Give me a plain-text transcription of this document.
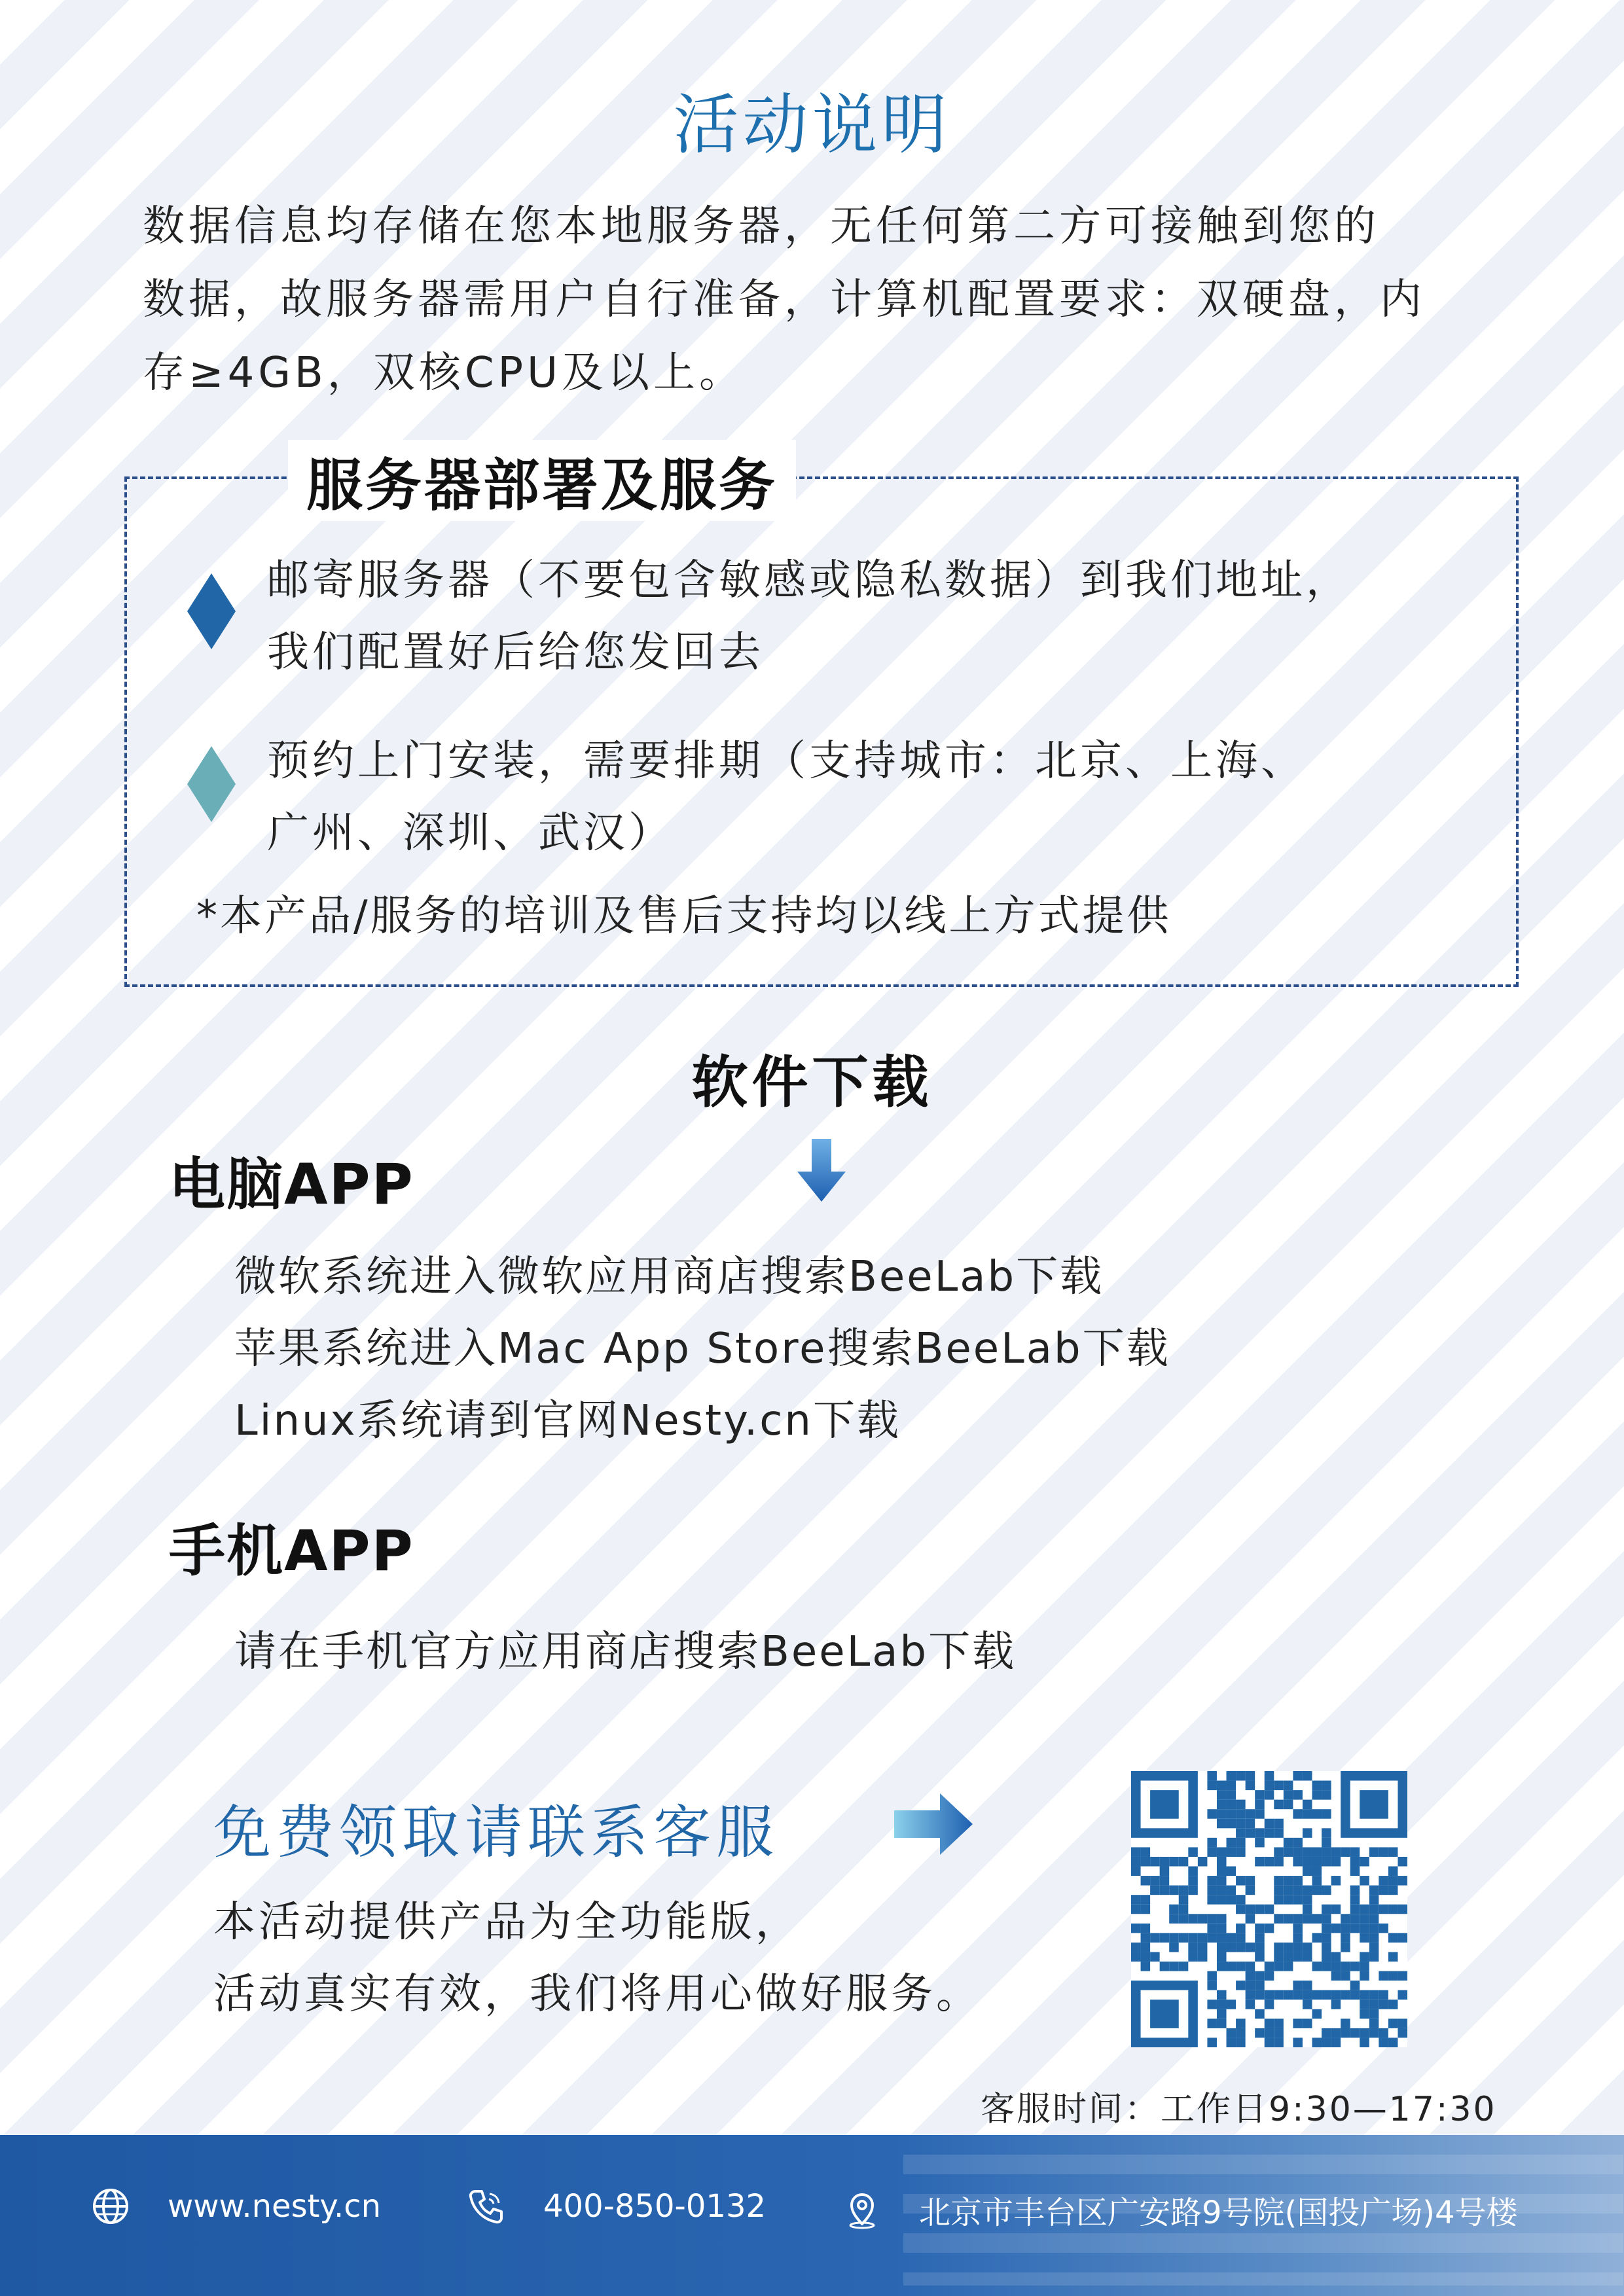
活动说明

数据信息均存储在您本地服务器，无任何第二方可接触到您的

数据，故服务器需用户自行准备，计算机配置要求：双硬盘，内

存≥4GB，双核CPU及以上。

服务器部署及服务

邮寄服务器（不要包含敏感或隐私数据）到我们地址，

我们配置好后给您发回去

预约上门安装，需要排期（支持城市：北京、上海、

广州、深圳、武汉）

*本产品/服务的培训及售后支持均以线上方式提供
软件下载
电脑APP

微软系统进入微软应用商店搜索BeeLab下载

苹果系统进入Mac App Store搜索BeeLab下载

Linux系统请到官网Nesty.cn下载

手机APP
请在手机官方应用商店搜索BeeLab下载
免费领取请联系客服

本活动提供产品为全功能版，

活动真实有效，我们将用心做好服务。

客服时间：工作日9:30—17:30
www.nesty.cn	400-850-0132	北京市丰台区广安路9号院(国投广场)4号楼
